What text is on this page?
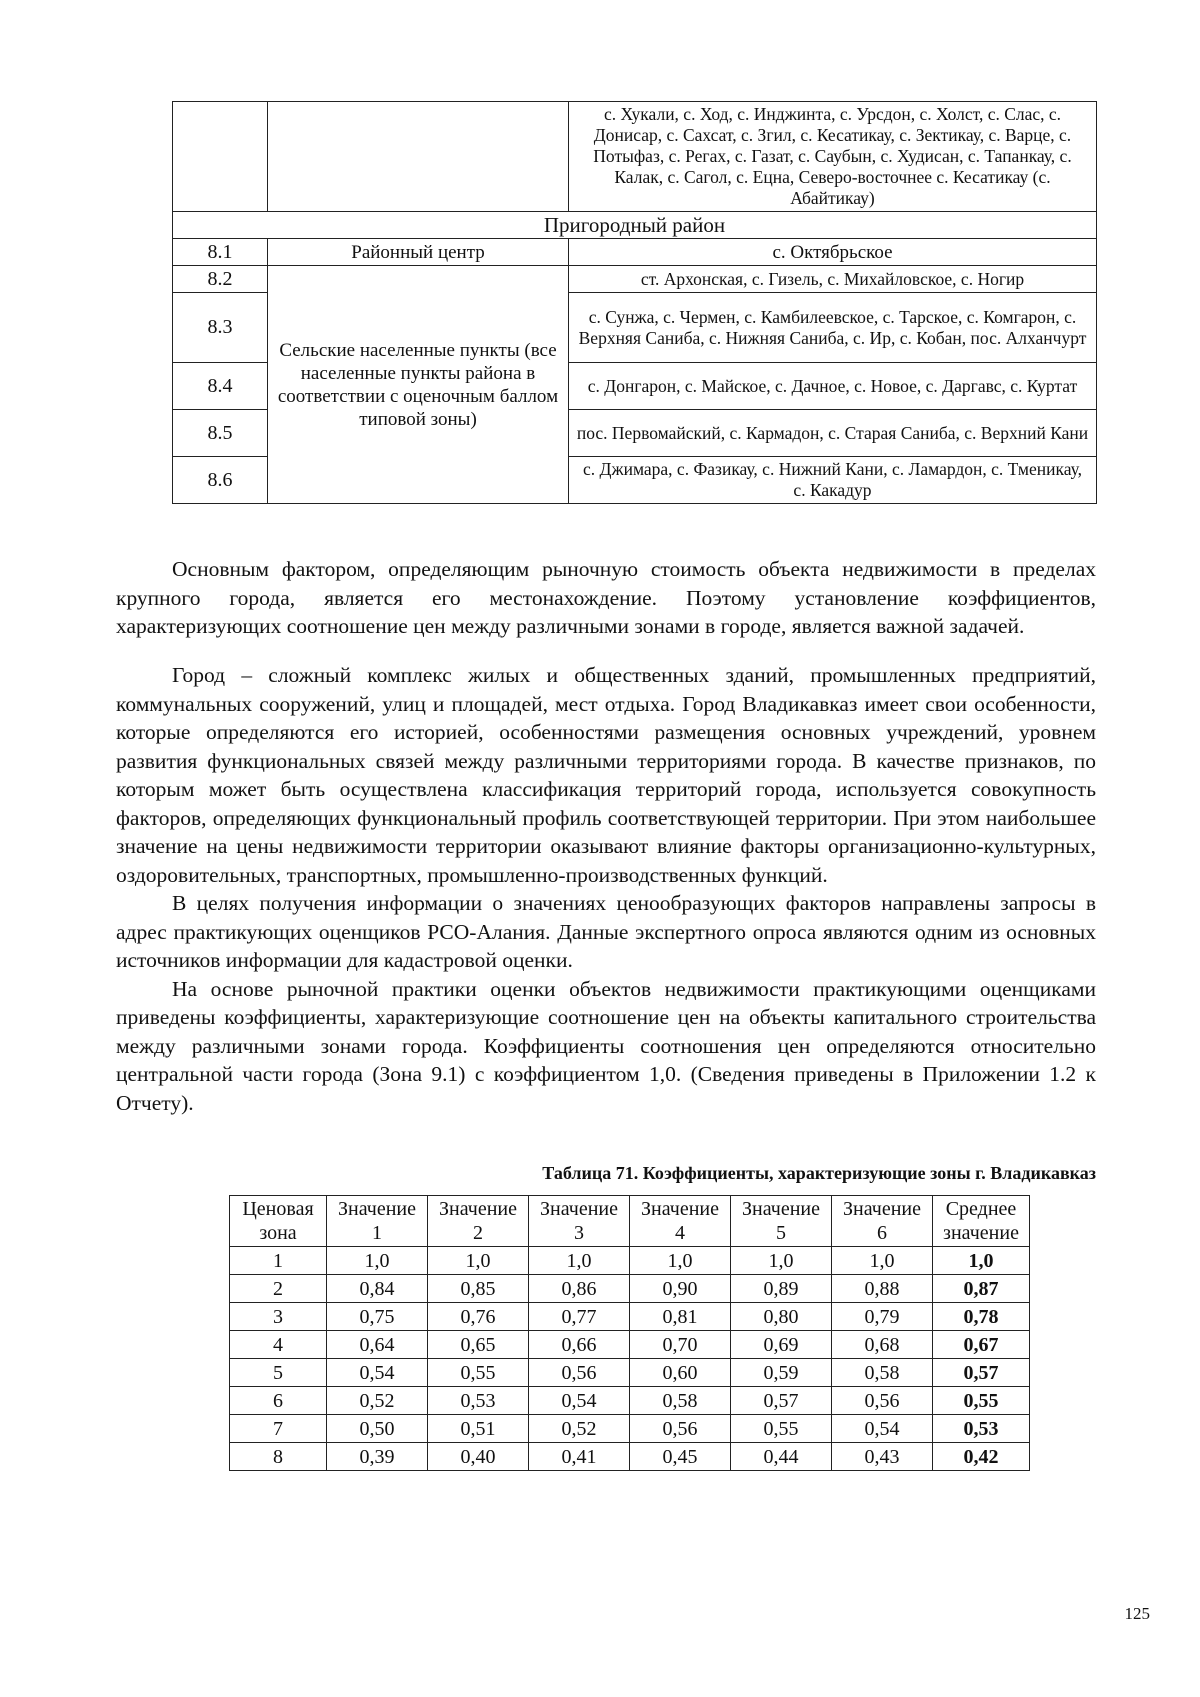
		с. Хукали, с. Ход, с. Инджинта, с. Урсдон, с. Холст, с. Слас, с. Донисар, с. Сахсат, с. Згил, с. Кесатикау, с. Зектикау, с. Варце, с. Потыфаз, с. Регах, с. Газат, с. Саубын, с. Худисан, с. Тапанкау, с. Калак, с. Сагол, с. Ецна, Северо-восточнее с. Кесатикау (с. Абайтикау)
Пригородный район		
8.1	Районный центр	с. Октябрьское
8.2	Сельские населенные пункты (все населенные пункты района в соответствии с оценочным баллом типовой зоны)	ст. Архонская, с. Гизель, с. Михайловское, с. Ногир
8.3		с. Сунжа, с. Чермен, с. Камбилеевское, с. Тарское, с. Комгарон, с. Верхняя Саниба, с. Нижняя Саниба, с. Ир, с. Кобан, пос. Алханчурт
8.4		с. Донгарон, с. Майское, с. Дачное, с. Новое, с. Даргавс, с. Куртат
8.5		пос. Первомайский, с. Кармадон, с. Старая Саниба, с. Верхний Кани
8.6		с. Джимара, с. Фазикау, с. Нижний Кани, с. Ламардон, с. Тменикау, с. Какадур

Основным фактором, определяющим рыночную стоимость объекта недвижимости в пределах крупного города, является его местонахождение. Поэтому установление коэффициентов, характеризующих соотношение цен между различными зонами в городе, является важной задачей.

Город – сложный комплекс жилых и общественных зданий, промышленных предприятий, коммунальных сооружений, улиц и площадей, мест отдыха. Город Владикавказ имеет свои особенности, которые определяются его историей, особенностями размещения основных учреждений, уровнем развития функциональных связей между различными территориями города. В качестве признаков, по которым может быть осуществлена классификация территорий города, используется совокупность факторов, определяющих функциональный профиль соответствующей территории. При этом наибольшее значение на цены недвижимости территории оказывают влияние факторы организационно-культурных, оздоровительных, транспортных, промышленно-производственных функций.

В целях получения информации о значениях ценообразующих факторов направлены запросы в адрес практикующих оценщиков РСО-Алания. Данные экспертного опроса являются одним из основных источников информации для кадастровой оценки.

На основе рыночной практики оценки объектов недвижимости практикующими оценщиками приведены коэффициенты, характеризующие соотношение цен на объекты капитального строительства между различными зонами города. Коэффициенты соотношения цен определяются относительно центральной части города (Зона 9.1) с коэффициентом 1,0. (Сведения приведены в Приложении 1.2 к Отчету).

Таблица 71. Коэффициенты, характеризующие зоны г. Владикавказ
Ценовая зона	Значение 1	Значение 2	Значение 3	Значение 4	Значение 5	Значение 6	Среднее значение
1	1,0	1,0	1,0	1,0	1,0	1,0	1,0
2	0,84	0,85	0,86	0,90	0,89	0,88	0,87
3	0,75	0,76	0,77	0,81	0,80	0,79	0,78
4	0,64	0,65	0,66	0,70	0,69	0,68	0,67
5	0,54	0,55	0,56	0,60	0,59	0,58	0,57
6	0,52	0,53	0,54	0,58	0,57	0,56	0,55
7	0,50	0,51	0,52	0,56	0,55	0,54	0,53
8	0,39	0,40	0,41	0,45	0,44	0,43	0,42
125
